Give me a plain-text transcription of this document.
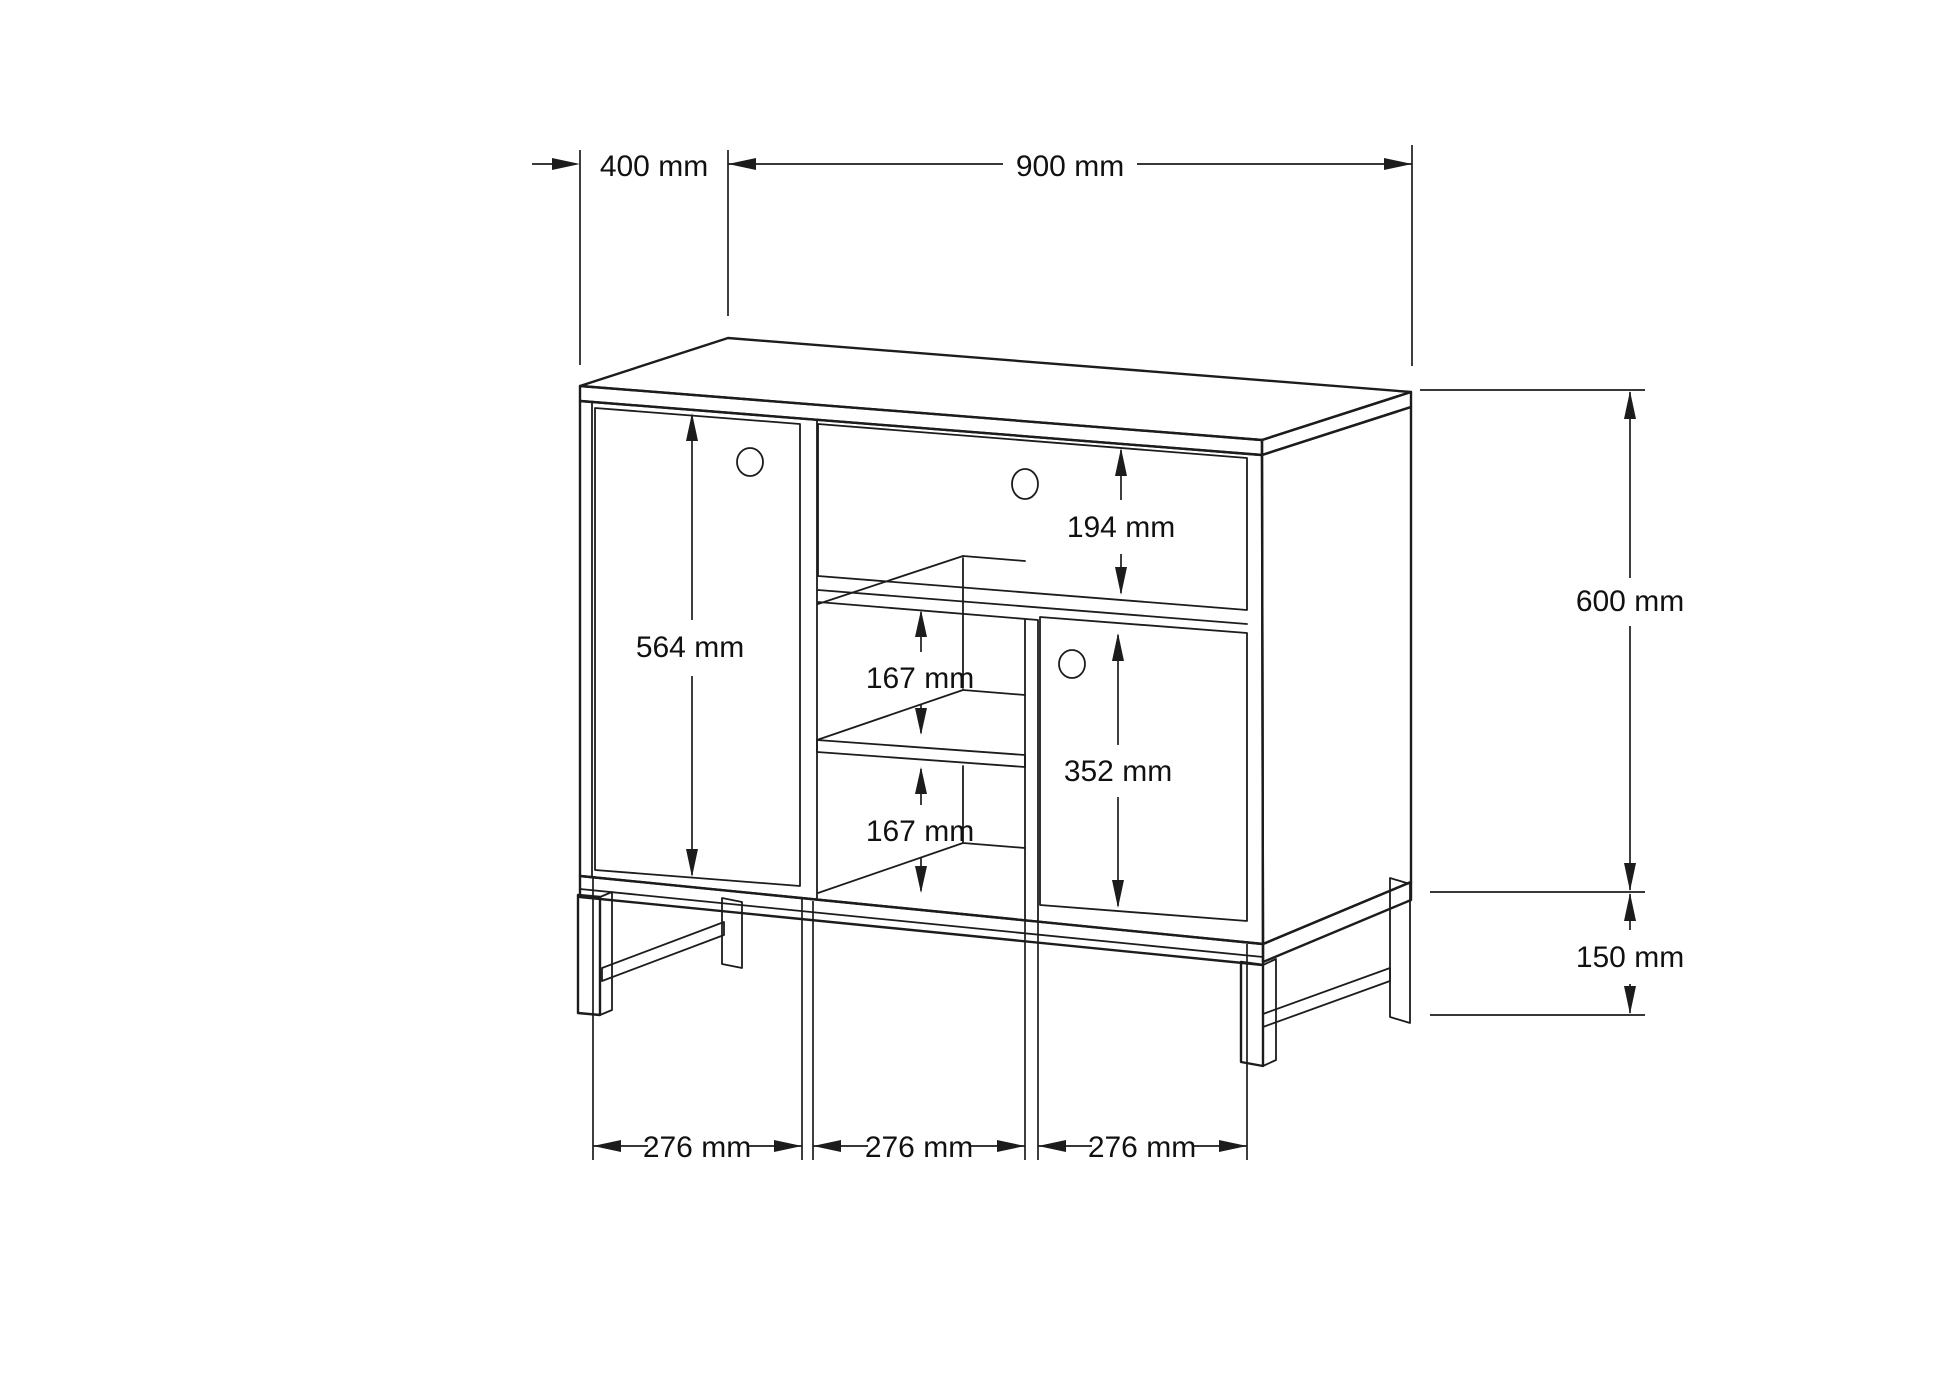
400 mm	900 mm
600 mm
150 mm
564 mm
194 mm
167 mm
167 mm
352 mm
276 mm	276 mm	276 mm
